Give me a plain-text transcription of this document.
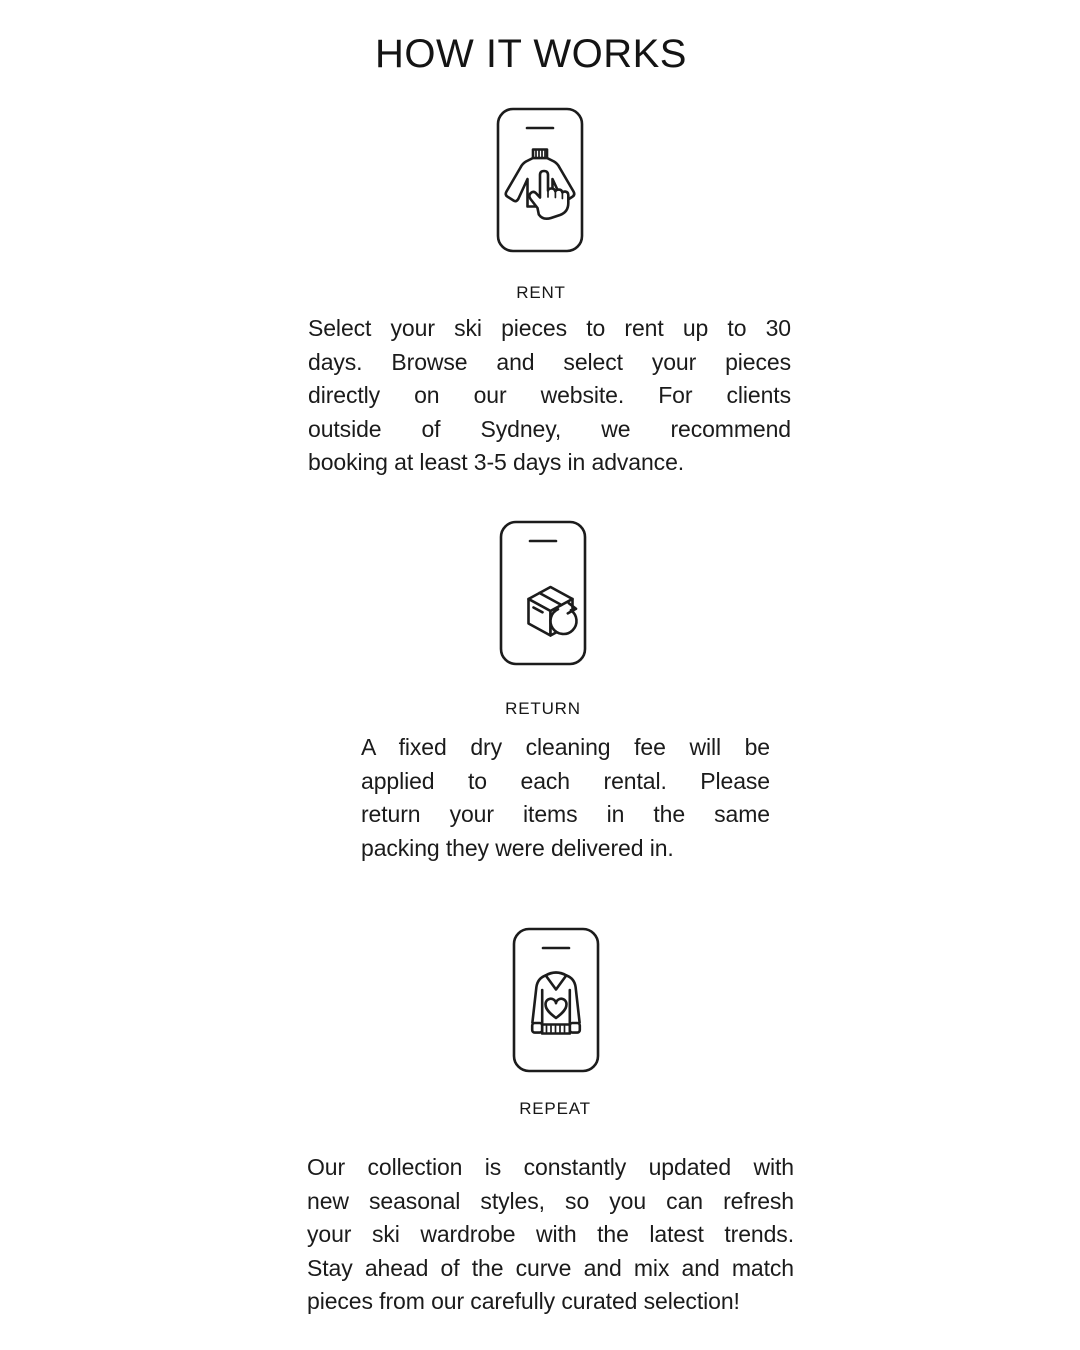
HOW IT WORKS
RENT
Select your ski pieces to rent up to 30
days. Browse and select your pieces
directly on our website. For clients
outside of Sydney, we recommend
booking at least 3-5 days in advance.
RETURN
A fixed dry cleaning fee will be
applied to each rental. Please
return your items in the same
packing they were delivered in.
REPEAT
Our collection is constantly updated with
new seasonal styles, so you can refresh
your ski wardrobe with the latest trends.
Stay ahead of the curve and mix and match
pieces from our carefully curated selection!
